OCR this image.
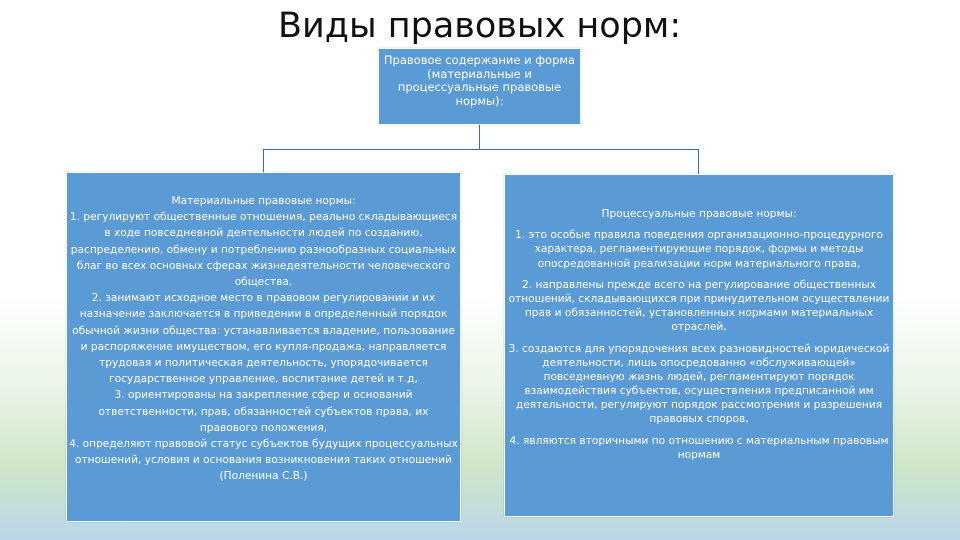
Виды правовых норм:
Правовое содержание и форма (материальные и процессуальные правовые нормы):
Материальные правовые нормы:
1. регулируют общественные отношения, реально складывающиеся в ходе повседневной деятельности людей по созданию, распределению, обмену и потреблению разнообразных социальных благ во всех основных сферах жизнедеятельности человеческого общества,
2. занимают исходное место в правовом регулировании и их назначение заключается в приведении в определенный порядок обычной жизни общества: устанавливается владение, пользование и распоряжение имуществом, его купля-продажа, направляется трудовая и политическая деятельность, упорядочивается государственное управление, воспитание детей и т.д,
3. ориентированы на закрепление сфер и оснований ответственности, прав, обязанностей субъектов права, их правового положения,
4. определяют правовой статус субъектов будущих процессуальных отношений, условия и основания возникновения таких отношений (Поленина С.В.)
Процессуальные правовые нормы:
1. это особые правила поведения организационно-процедурного характера, регламентирующие порядок, формы и методы опосредованной реализации норм материального права,
2. направлены прежде всего на регулирование общественных отношений, складывающихся при принудительном осуществлении прав и обязанностей, установленных нормами материальных отраслей,
3. создаются для упорядочения всех разновидностей юридической деятельности, лишь опосредованно «обслуживающей» повседневную жизнь людей, регламентируют порядок взаимодействия субъектов, осуществления предписанной им деятельности, регулируют порядок рассмотрения и разрешения правовых споров,
4. являются вторичными по отношению с материальным правовым нормам
